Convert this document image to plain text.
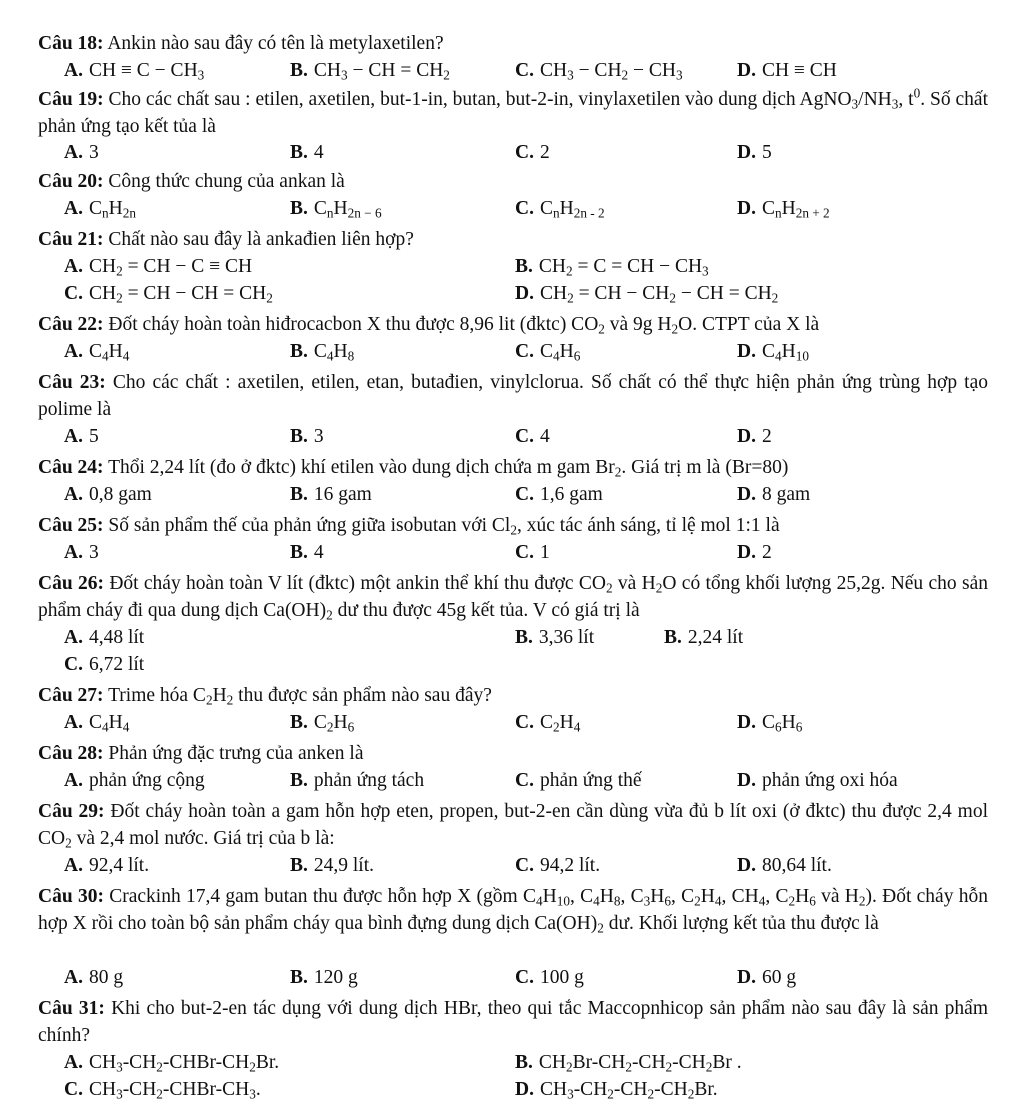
Câu 18: Ankin nào sau đây có tên là metylaxetilen?
A. CH ≡ $C - CH_3$	B. $CH_3$ − CH = $CH_2$	C. $CH_3 - CH_2 - CH_3$	D. CH ≡ CH
Câu 19: Cho các chất sau : etilen, axetilen, but-1-in, butan, but-2-in, vinylaxetilen vào dung dịch $AgNO_3/NH_3$, $t^0$. Số chất phản ứng tạo kết tủa là
A. 3	B. 4	C. 2	D. 5
Câu 20: Công thức chung của ankan là
A. $C_nH_{2n}$	B. $C_nH_{2n - 6}$	C. $C_nH_{2n - 2}$	D. $C_nH_{2n + 2}$
Câu 21: Chất nào sau đây là ankađien liên hợp?
A. $CH_2$ = CH − C ≡ CH	B. $CH_2 = C$ = CH − $CH_3$
C. $CH_2$ = CH − CH = $CH_2$	D. $CH_2$ = CH − $CH_2$ − CH = $CH_2$
Câu 22: Đốt cháy hoàn toàn hiđrocacbon X thu được 8,96 lit (đktc) $CO_2$ và 9g $H_2O$. CTPT của X là
A. $C_4H_4$	B. $C_4H_8$	C. $C_4H_6$	D. $C_4H_{10}$
Câu 23: Cho các chất : axetilen, etilen, etan, butađien, vinylclorua. Số chất có thể thực hiện phản ứng trùng hợp tạo polime là
A. 5	B. 3	C. 4	D. 2
Câu 24: Thổi 2,24 lít (đo ở đktc) khí etilen vào dung dịch chứa m gam $Br_2$. Giá trị m là (Br=80)
A. 0,8 gam	B. 16 gam	C. 1,6 gam	D. 8 gam
Câu 25: Số sản phẩm thế của phản ứng giữa isobutan với $Cl_2$, xúc tác ánh sáng, tỉ lệ mol 1:1 là
A. 3	B. 4	C. 1	D. 2
Câu 26: Đốt cháy hoàn toàn V lít (đktc) một ankin thể khí thu được $CO_2$ và $H_2O$ có tổng khối lượng 25,2g. Nếu cho sản phẩm cháy đi qua dung dịch $Ca(OH)_2$ dư thu được 45g kết tủa. V có giá trị là
A. 4,48 lít	B. 3,36 lít	B. 2,24 lít
C. 6,72 lít
Câu 27: Trime hóa $C_2H_2$ thu được sản phẩm nào sau đây?
A. $C_4H_4$	B. $C_2H_6$	C. $C_2H_4$	D. $C_6H_6$
Câu 28: Phản ứng đặc trưng của anken là
A. phản ứng cộng	B. phản ứng tách	C. phản ứng thế	D. phản ứng oxi hóa
Câu 29: Đốt cháy hoàn toàn a gam hỗn hợp eten, propen, but-2-en cần dùng vừa đủ b lít oxi (ở đktc) thu được 2,4 mol $CO_2$ và 2,4 mol nước. Giá trị của b là:
A. 92,4 lít.	B. 24,9 lít.	C. 94,2 lít.	D. 80,64 lít.
Câu 30: Crackinh 17,4 gam butan thu được hỗn hợp X (gồm $C_4H_{10}$, $C_4H_8$, $C_3H_6$, $C_2H_4$, $CH_4$, $C_2H_6$ và $H_2$). Đốt cháy hỗn hợp X rồi cho toàn bộ sản phẩm cháy qua bình đựng dung dịch $Ca(OH)_2$ dư. Khối lượng kết tủa thu được là
A. 80 g	B. 120 g	C. 100 g	D. 60 g
Câu 31: Khi cho but-2-en tác dụng với dung dịch HBr, theo qui tắc Maccopnhicop sản phẩm nào sau đây là sản phẩm chính?
A. $CH_3-CH_2-CHBr-CH_2Br$.	B. $CH_2Br-CH_2-CH_2-CH_2Br$ .
C. $CH_3-CH_2-CHBr-CH_3$.	D. $CH_3-CH_2-CH_2-CH_2Br$.
